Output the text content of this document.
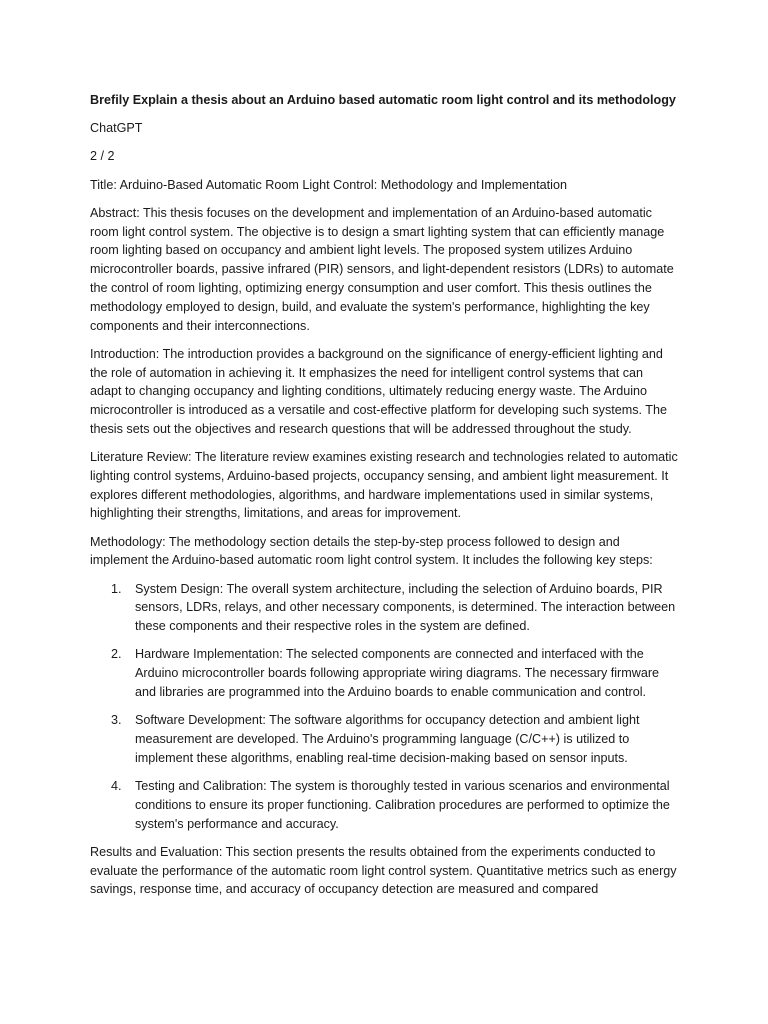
Brefily Explain a thesis about an Arduino based automatic room light control and its methodology

ChatGPT

2 / 2

Title: Arduino-Based Automatic Room Light Control: Methodology and Implementation

Abstract: This thesis focuses on the development and implementation of an Arduino-based automatic room light control system. The objective is to design a smart lighting system that can efficiently manage room lighting based on occupancy and ambient light levels. The proposed system utilizes Arduino microcontroller boards, passive infrared (PIR) sensors, and light-dependent resistors (LDRs) to automate the control of room lighting, optimizing energy consumption and user comfort. This thesis outlines the methodology employed to design, build, and evaluate the system's performance, highlighting the key components and their interconnections.

Introduction: The introduction provides a background on the significance of energy-efficient lighting and the role of automation in achieving it. It emphasizes the need for intelligent control systems that can adapt to changing occupancy and lighting conditions, ultimately reducing energy waste. The Arduino microcontroller is introduced as a versatile and cost-effective platform for developing such systems. The thesis sets out the objectives and research questions that will be addressed throughout the study.

Literature Review: The literature review examines existing research and technologies related to automatic lighting control systems, Arduino-based projects, occupancy sensing, and ambient light measurement. It explores different methodologies, algorithms, and hardware implementations used in similar systems, highlighting their strengths, limitations, and areas for improvement.

Methodology: The methodology section details the step-by-step process followed to design and implement the Arduino-based automatic room light control system. It includes the following key steps:

1. System Design: The overall system architecture, including the selection of Arduino boards, PIR sensors, LDRs, relays, and other necessary components, is determined. The interaction between these components and their respective roles in the system are defined.
2. Hardware Implementation: The selected components are connected and interfaced with the Arduino microcontroller boards following appropriate wiring diagrams. The necessary firmware and libraries are programmed into the Arduino boards to enable communication and control.
3. Software Development: The software algorithms for occupancy detection and ambient light measurement are developed. The Arduino's programming language (C/C++) is utilized to implement these algorithms, enabling real-time decision-making based on sensor inputs.
4. Testing and Calibration: The system is thoroughly tested in various scenarios and environmental conditions to ensure its proper functioning. Calibration procedures are performed to optimize the system's performance and accuracy.

Results and Evaluation: This section presents the results obtained from the experiments conducted to evaluate the performance of the automatic room light control system. Quantitative metrics such as energy savings, response time, and accuracy of occupancy detection are measured and compared
